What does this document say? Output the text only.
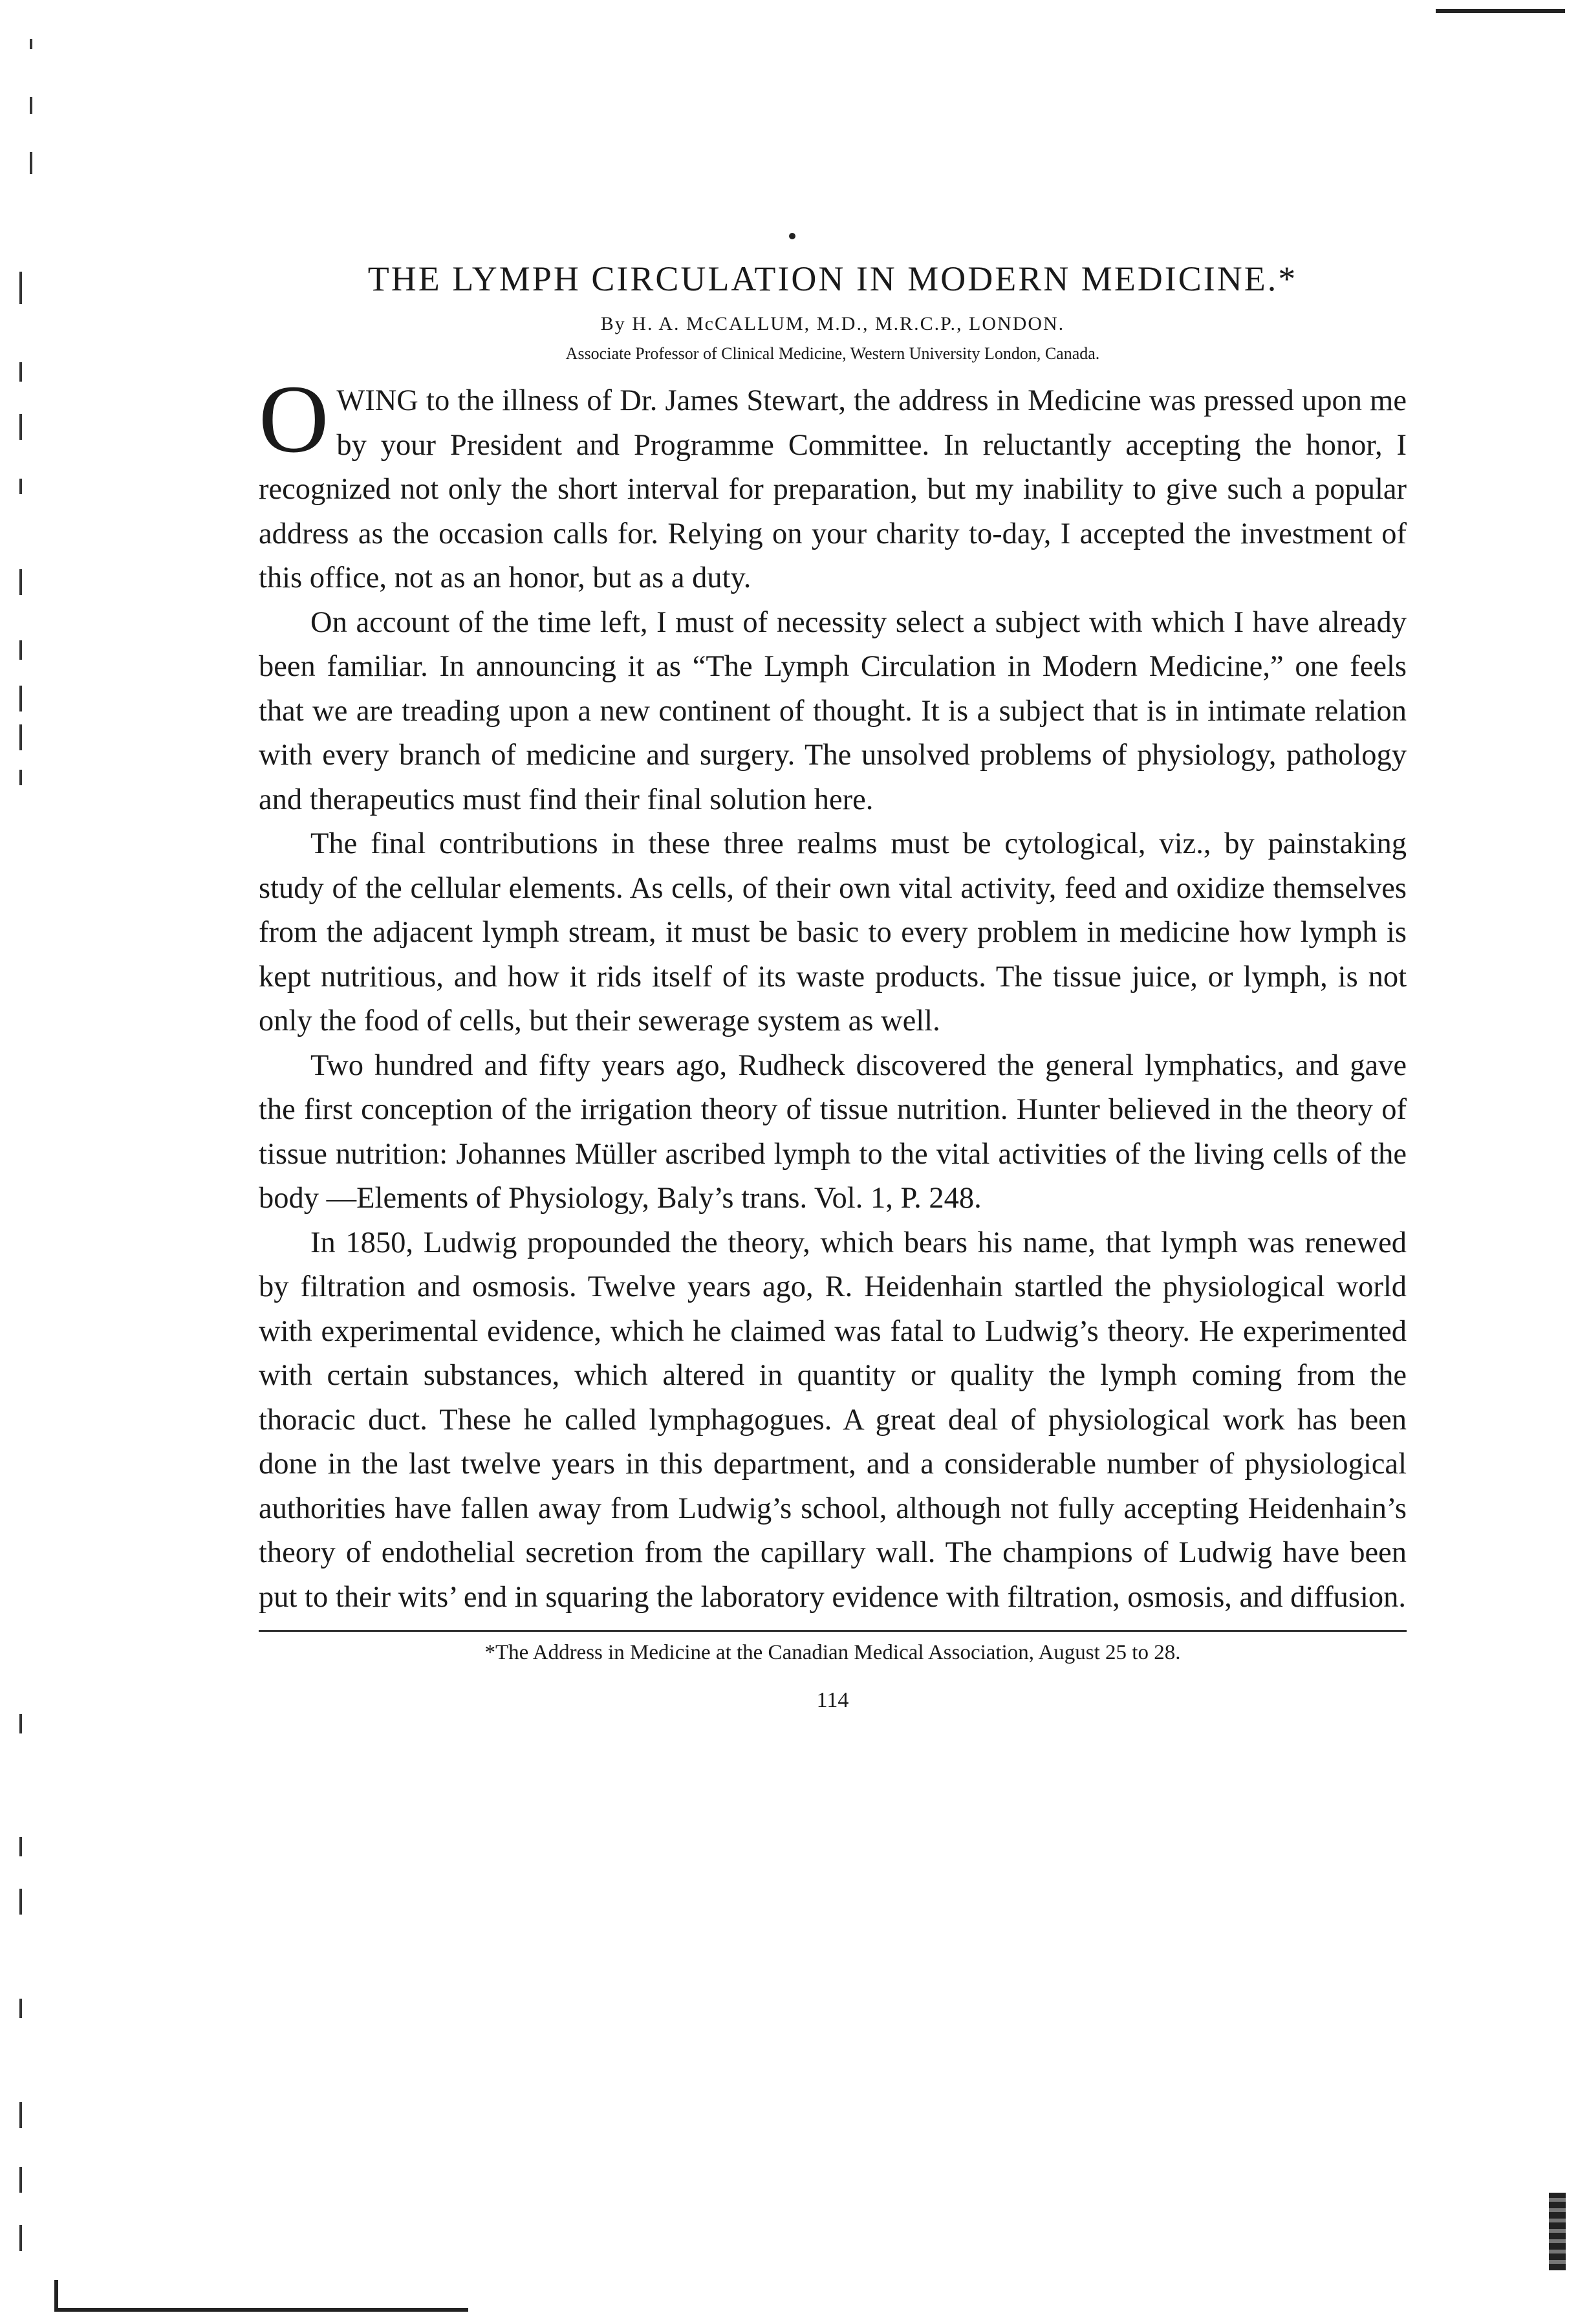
THE LYMPH CIRCULATION IN MODERN MEDICINE.*
By H. A. McCALLUM, M.D., M.R.C.P., LONDON.
Associate Professor of Clinical Medicine, Western University London, Canada.

O WING to the illness of Dr. James Stewart, the address in Medicine was pressed upon me by your President and Programme Committee. In reluctantly accepting the honor, I recognized not only the short interval for preparation, but my inability to give such a popular address as the occasion calls for. Relying on your charity to-day, I accepted the investment of this office, not as an honor, but as a duty.

On account of the time left, I must of necessity select a subject with which I have already been familiar. In announcing it as “The Lymph Circulation in Modern Medicine,” one feels that we are treading upon a new continent of thought. It is a subject that is in intimate relation with every branch of medicine and surgery. The unsolved problems of physiology, pathology and therapeutics must find their final solution here.

The final contributions in these three realms must be cytological, viz., by painstaking study of the cellular elements. As cells, of their own vital activity, feed and oxidize themselves from the adjacent lymph stream, it must be basic to every problem in medicine how lymph is kept nutritious, and how it rids itself of its waste products. The tissue juice, or lymph, is not only the food of cells, but their sewerage system as well.

Two hundred and fifty years ago, Rudheck discovered the general lymphatics, and gave the first conception of the irrigation theory of tissue nutrition. Hunter believed in the theory of tissue nutrition: Johannes Müller ascribed lymph to the vital activities of the living cells of the body —Elements of Physiology, Baly’s trans. Vol. 1, P. 248.

In 1850, Ludwig propounded the theory, which bears his name, that lymph was renewed by filtration and osmosis. Twelve years ago, R. Heidenhain startled the physiological world with experimental evidence, which he claimed was fatal to Ludwig’s theory. He experimented with certain substances, which altered in quantity or quality the lymph coming from the thoracic duct. These he called lymphagogues. A great deal of physiological work has been done in the last twelve years in this department, and a considerable number of physiological authorities have fallen away from Ludwig’s school, although not fully accepting Heidenhain’s theory of endothelial secretion from the capillary wall. The champions of Ludwig have been put to their wits’ end in squaring the laboratory evidence with filtration, osmosis, and diffusion.

*The Address in Medicine at the Canadian Medical Association, August 25 to 28.
114
